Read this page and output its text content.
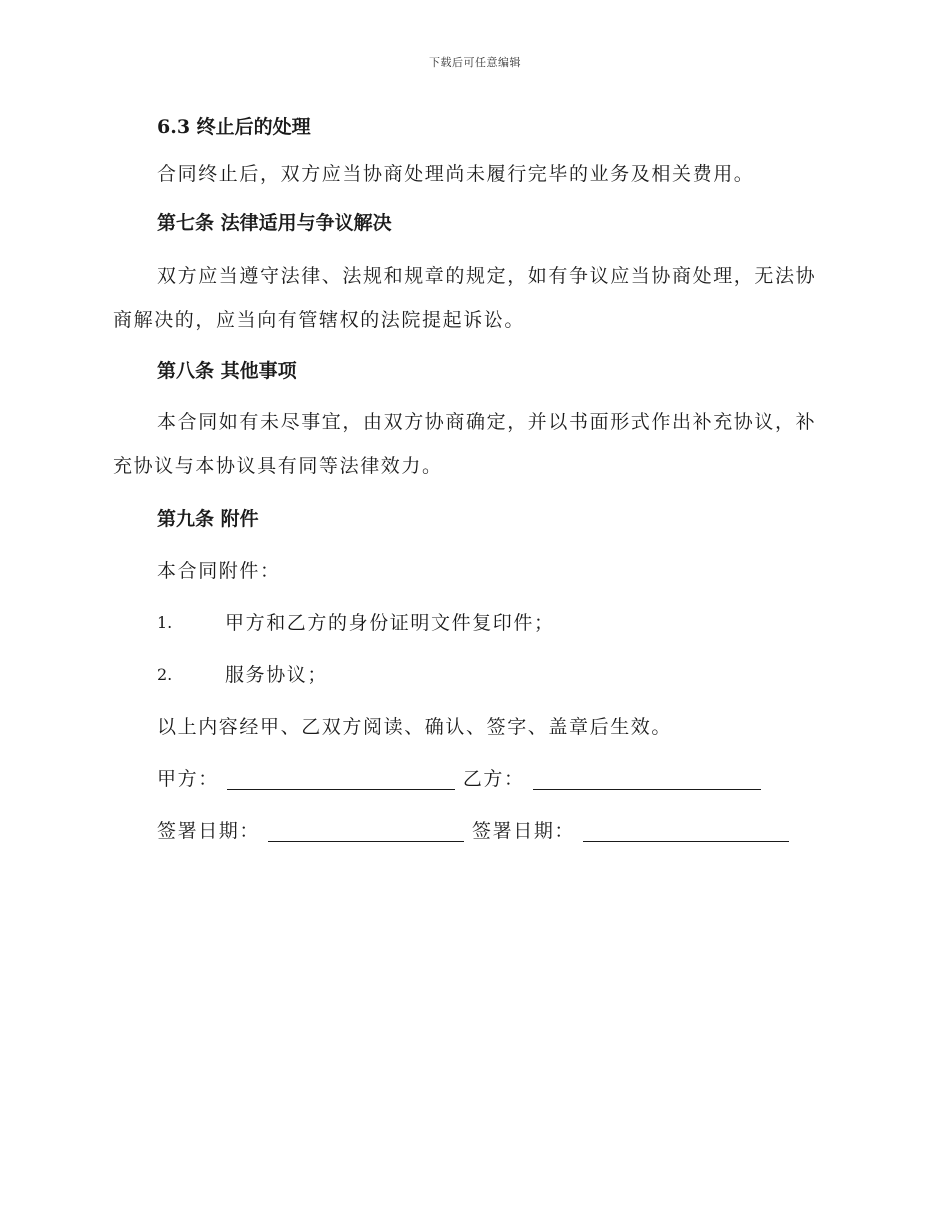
下载后可任意编辑

6.3 终止后的处理

合同终止后，双方应当协商处理尚未履行完毕的业务及相关费用。

第七条 法律适用与争议解决

双方应当遵守法律、法规和规章的规定，如有争议应当协商处理，无法协商解决的，应当向有管辖权的法院提起诉讼。

第八条 其他事项

本合同如有未尽事宜，由双方协商确定，并以书面形式作出补充协议，补充协议与本协议具有同等法律效力。

第九条 附件

本合同附件：

1.	甲方和乙方的身份证明文件复印件；
2.	服务协议；

以上内容经甲、乙双方阅读、确认、签字、盖章后生效。

甲方：	乙方：
签署日期：	签署日期：
